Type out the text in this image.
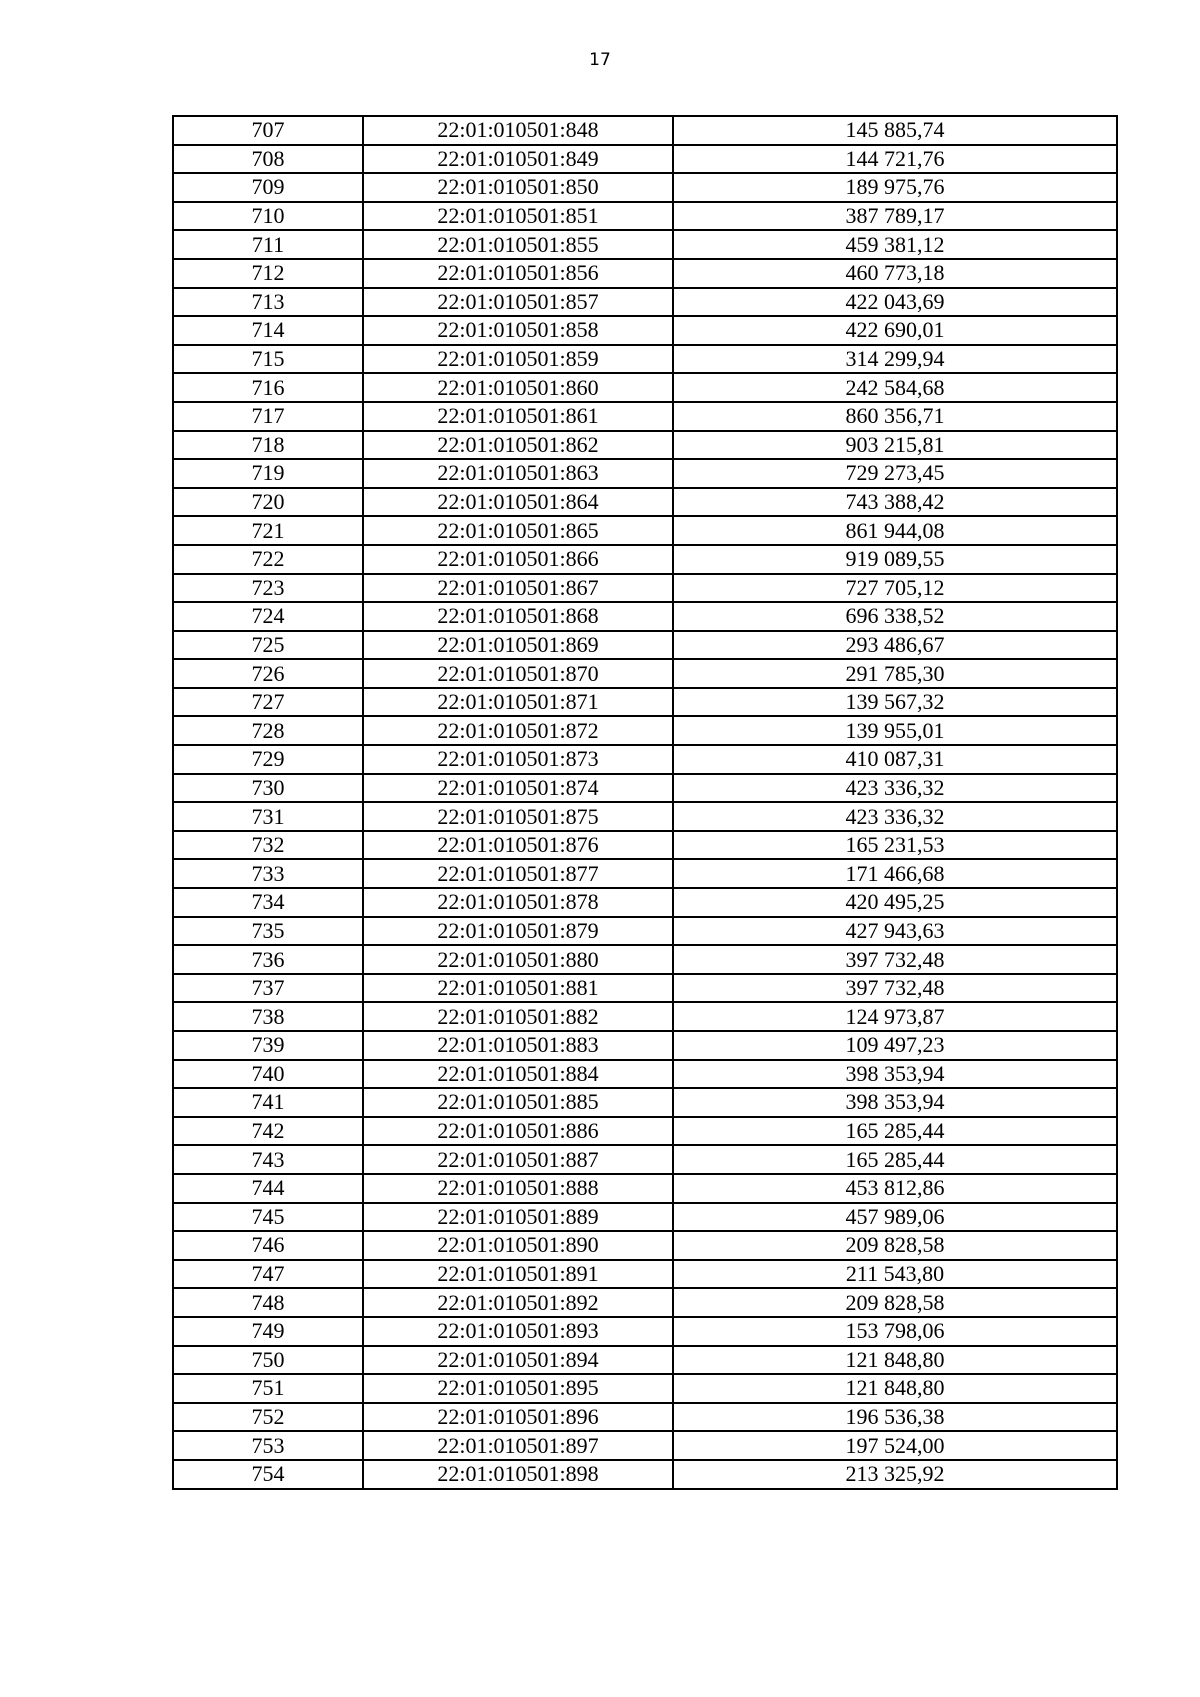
17
707	22:01:010501:848	145 885,74
708	22:01:010501:849	144 721,76
709	22:01:010501:850	189 975,76
710	22:01:010501:851	387 789,17
711	22:01:010501:855	459 381,12
712	22:01:010501:856	460 773,18
713	22:01:010501:857	422 043,69
714	22:01:010501:858	422 690,01
715	22:01:010501:859	314 299,94
716	22:01:010501:860	242 584,68
717	22:01:010501:861	860 356,71
718	22:01:010501:862	903 215,81
719	22:01:010501:863	729 273,45
720	22:01:010501:864	743 388,42
721	22:01:010501:865	861 944,08
722	22:01:010501:866	919 089,55
723	22:01:010501:867	727 705,12
724	22:01:010501:868	696 338,52
725	22:01:010501:869	293 486,67
726	22:01:010501:870	291 785,30
727	22:01:010501:871	139 567,32
728	22:01:010501:872	139 955,01
729	22:01:010501:873	410 087,31
730	22:01:010501:874	423 336,32
731	22:01:010501:875	423 336,32
732	22:01:010501:876	165 231,53
733	22:01:010501:877	171 466,68
734	22:01:010501:878	420 495,25
735	22:01:010501:879	427 943,63
736	22:01:010501:880	397 732,48
737	22:01:010501:881	397 732,48
738	22:01:010501:882	124 973,87
739	22:01:010501:883	109 497,23
740	22:01:010501:884	398 353,94
741	22:01:010501:885	398 353,94
742	22:01:010501:886	165 285,44
743	22:01:010501:887	165 285,44
744	22:01:010501:888	453 812,86
745	22:01:010501:889	457 989,06
746	22:01:010501:890	209 828,58
747	22:01:010501:891	211 543,80
748	22:01:010501:892	209 828,58
749	22:01:010501:893	153 798,06
750	22:01:010501:894	121 848,80
751	22:01:010501:895	121 848,80
752	22:01:010501:896	196 536,38
753	22:01:010501:897	197 524,00
754	22:01:010501:898	213 325,92
